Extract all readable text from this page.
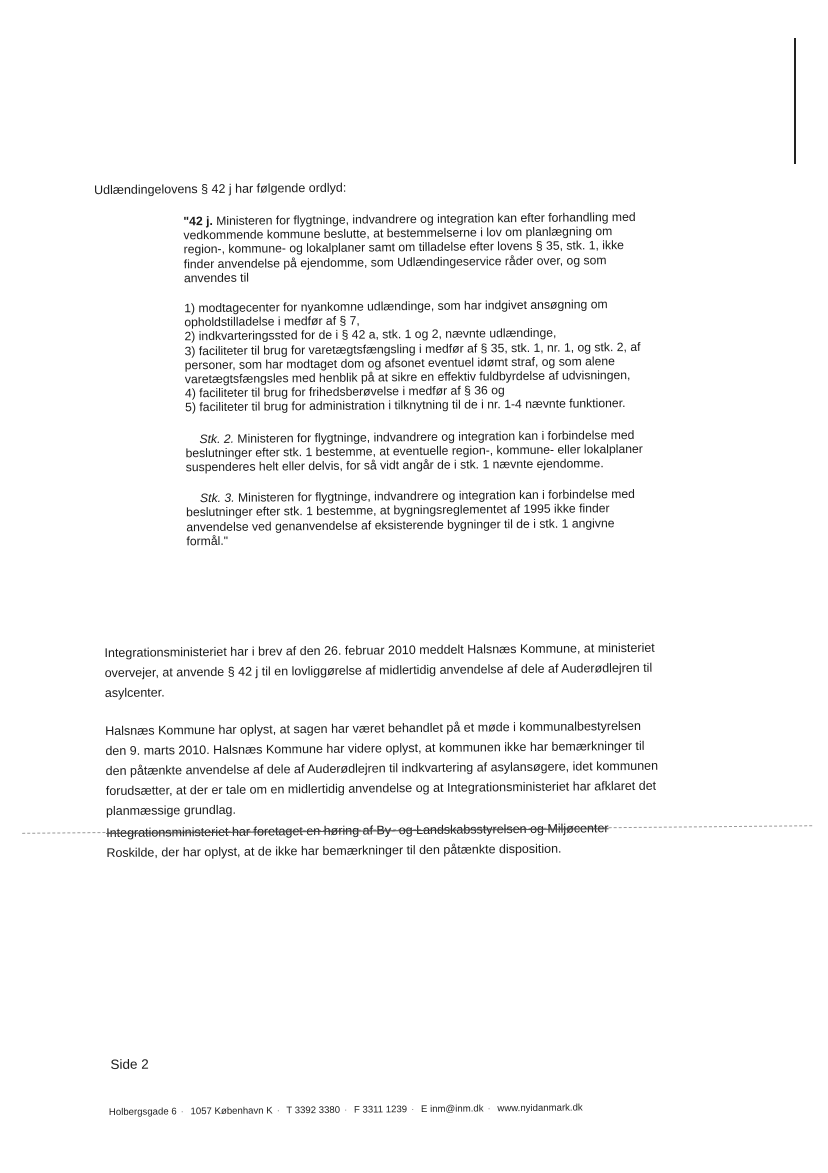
Udlændingelovens § 42 j har følgende ordlyd:

"42 j. Ministeren for flygtninge, indvandrere og integration kan efter forhandling med vedkommende kommune beslutte, at bestemmelserne i lov om planlægning om region-, kommune- og lokalplaner samt om tilladelse efter lovens § 35, stk. 1, ikke finder anvendelse på ejendomme, som Udlændingeservice råder over, og som anvendes til

1) modtagecenter for nyankomne udlændinge, som har indgivet ansøgning om opholdstilladelse i medfør af § 7,
2) indkvarteringssted for de i § 42 a, stk. 1 og 2, nævnte udlændinge,
3) faciliteter til brug for varetægtsfængsling i medfør af § 35, stk. 1, nr. 1, og stk. 2, af personer, som har modtaget dom og afsonet eventuel idømt straf, og som alene varetægtsfængsles med henblik på at sikre en effektiv fuldbyrdelse af udvisningen,
4) faciliteter til brug for frihedsberøvelse i medfør af § 36 og
5) faciliteter til brug for administration i tilknytning til de i nr. 1-4 nævnte funktioner.

Stk. 2. Ministeren for flygtninge, indvandrere og integration kan i forbindelse med beslutninger efter stk. 1 bestemme, at eventuelle region-, kommune- eller lokalplaner suspenderes helt eller delvis, for så vidt angår de i stk. 1 nævnte ejendomme.

Stk. 3. Ministeren for flygtninge, indvandrere og integration kan i forbindelse med beslutninger efter stk. 1 bestemme, at bygningsreglementet af 1995 ikke finder anvendelse ved genanvendelse af eksisterende bygninger til de i stk. 1 angivne formål."

Integrationsministeriet har i brev af den 26. februar 2010 meddelt Halsnæs Kommune, at ministeriet overvejer, at anvende § 42 j til en lovliggørelse af midlertidig anvendelse af dele af Auderødlejren til asylcenter.
Halsnæs Kommune har oplyst, at sagen har været behandlet på et møde i kommunalbestyrelsen den 9. marts 2010. Halsnæs Kommune har videre oplyst, at kommunen ikke har bemærkninger til den påtænkte anvendelse af dele af Auderødlejren til indkvartering af asylansøgere, idet kommunen forudsætter, at der er tale om en midlertidig anvendelse og at Integrationsministeriet har afklaret det planmæssige grundlag.
Integrationsministeriet har foretaget en høring af By- og Landskabsstyrelsen og Miljøcenter
Roskilde, der har oplyst, at de ikke har bemærkninger til den påtænkte disposition.
Side 2
Holbergsgade 6 · 1057 København K · T 3392 3380 · F 3311 1239 · E inm@inm.dk · www.nyidanmark.dk
